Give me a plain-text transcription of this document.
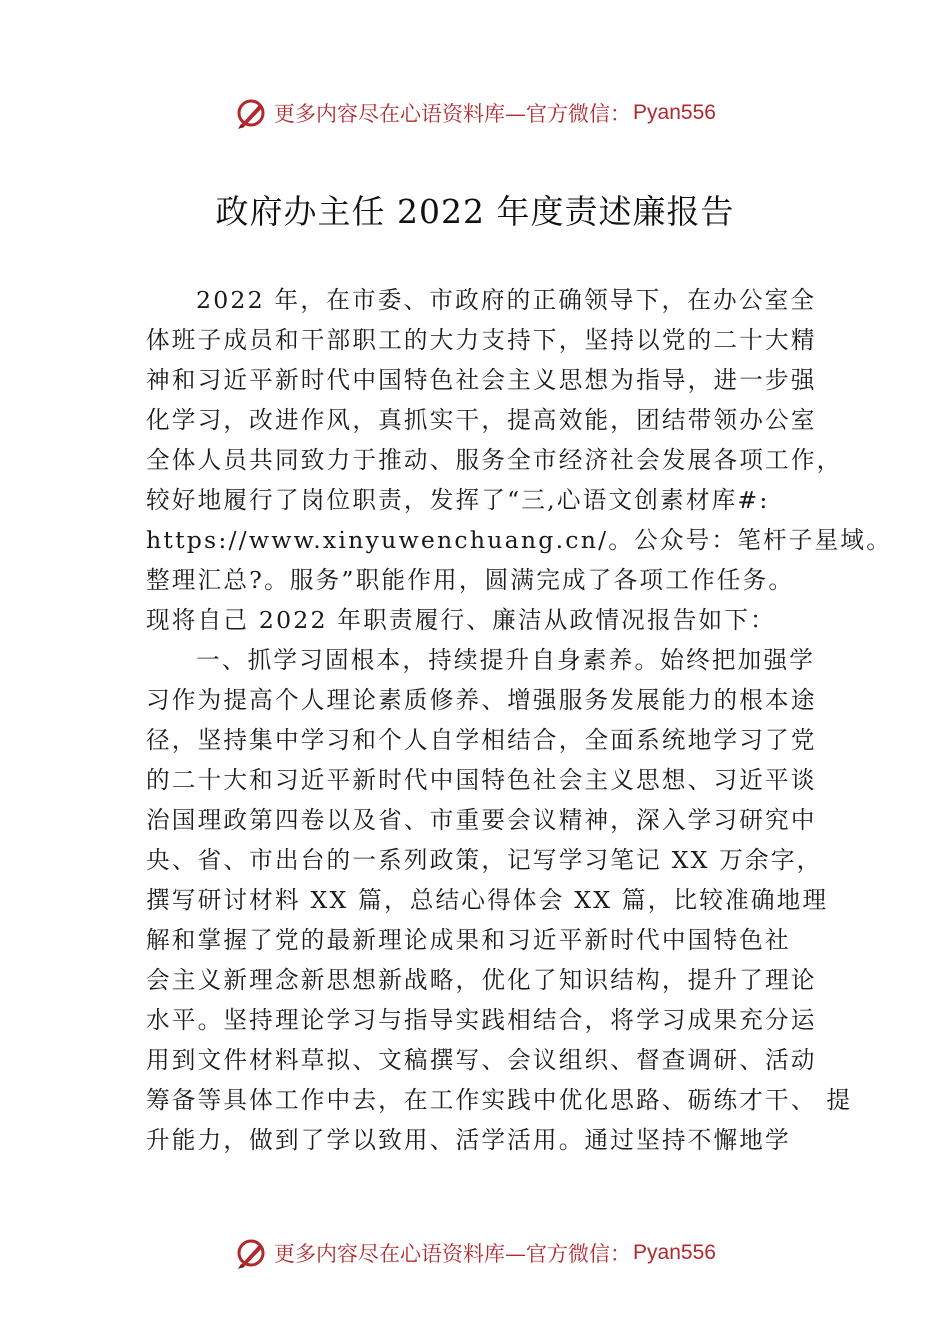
更多内容尽在心语资料库—官方微信： Pyan556
政府办主任 2022 年度责述廉报告
2022 年，在市委、市政府的正确领导下，在办公室全
体班子成员和干部职工的大力支持下，坚持以党的二十大精
神和习近平新时代中国特色社会主义思想为指导，进一步强
化学习，改进作风，真抓实干，提高效能，团结带领办公室
全体人员共同致力于推动、服务全市经济社会发展各项工作，
较好地履行了岗位职责，发挥了“三,心语文创素材库#:
https://www.xinyuwenchuang.cn/。公众号：笔杆子星域。
整理汇总?。服务”职能作用，圆满完成了各项工作任务。
现将自己 2022 年职责履行、廉洁从政情况报告如下：
一、抓学习固根本，持续提升自身素养。始终把加强学
习作为提高个人理论素质修养、增强服务发展能力的根本途
径，坚持集中学习和个人自学相结合，全面系统地学习了党
的二十大和习近平新时代中国特色社会主义思想、习近平谈
治国理政第四卷以及省、市重要会议精神，深入学习研究中
央、省、市出台的一系列政策，记写学习笔记 XX 万余字，
撰写研讨材料 XX 篇，总结心得体会 XX 篇，比较准确地理
解和掌握了党的最新理论成果和习近平新时代中国特色社
会主义新理念新思想新战略，优化了知识结构，提升了理论
水平。坚持理论学习与指导实践相结合，将学习成果充分运
用到文件材料草拟、文稿撰写、会议组织、督查调研、活动
筹备等具体工作中去，在工作实践中优化思路、砺练才干、 提
升能力，做到了学以致用、活学活用。通过坚持不懈地学
更多内容尽在心语资料库—官方微信： Pyan556
